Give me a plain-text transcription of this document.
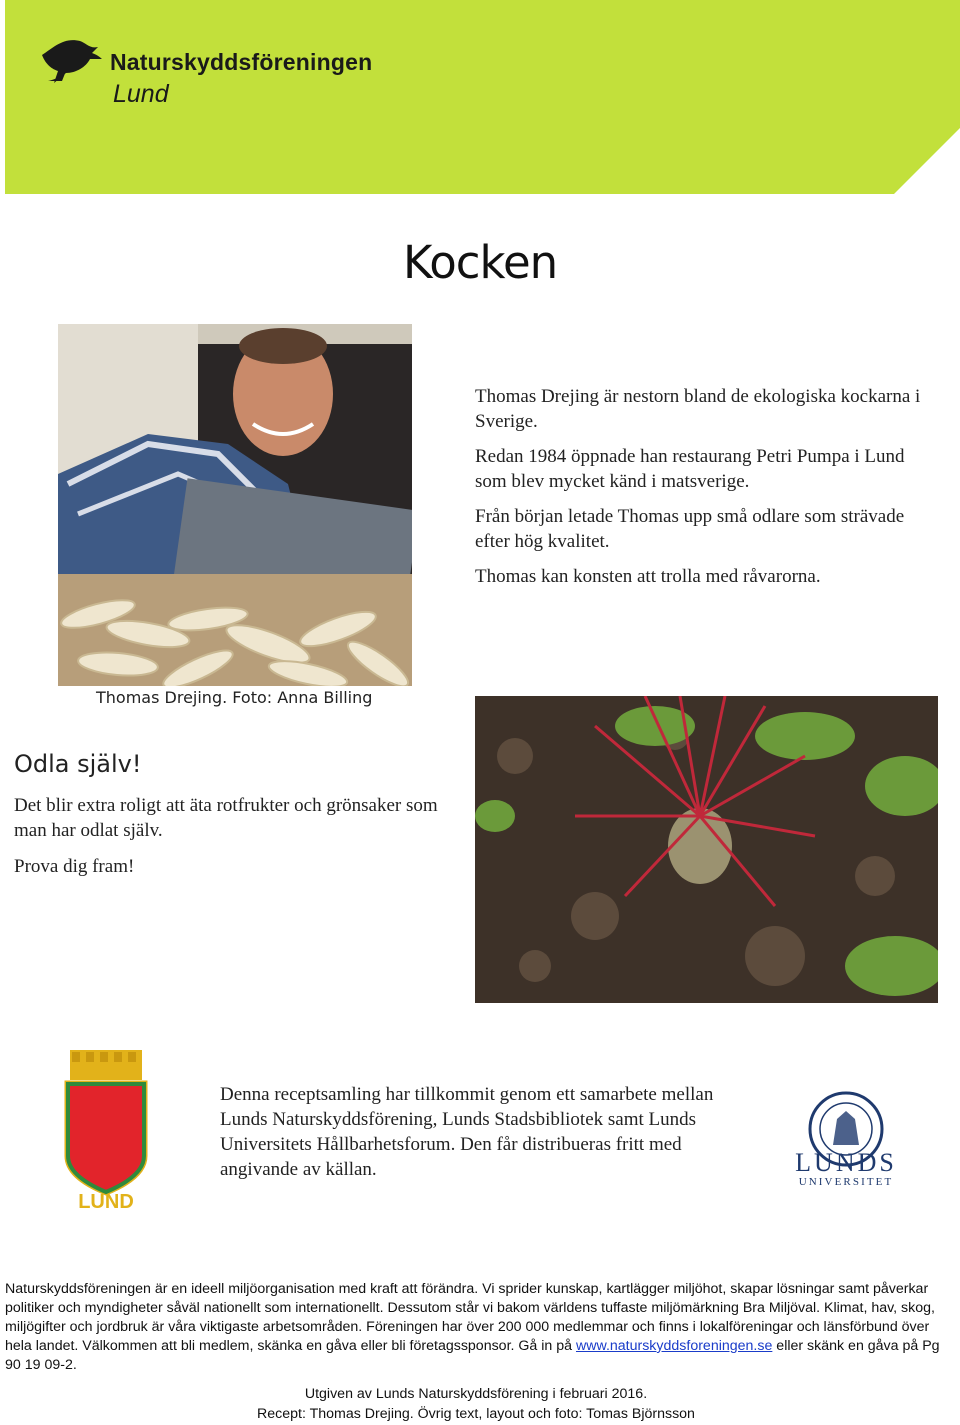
Naturskyddsföreningen
Lund
Kocken

Thomas Drejing är nestorn bland de ekologiska kockarna i Sverige.

Redan 1984 öppnade han restaurang Petri Pumpa i Lund som blev mycket känd i matsverige.

Från början letade Thomas upp små odlare som strävade efter hög kvalitet.

Thomas kan konsten att trolla med råvarorna.

Thomas Drejing. Foto: Anna Billing
Odla själv!

Det blir extra roligt att äta rotfrukter och grönsaker som man har odlat själv.

Prova dig fram!

LUND
Denna receptsamling har tillkommit genom ett samarbete mellan Lunds Naturskyddsförening, Lunds Stadsbibliotek samt Lunds Universitets Hållbarhetsforum. Den får distribueras fritt med angivande av källan.	LUNDS
UNIVERSITET
Naturskyddsföreningen är en ideell miljöorganisation med kraft att förändra. Vi sprider kunskap, kartlägger miljöhot, skapar lösningar samt påverkar politiker och myndigheter såväl nationellt som internationellt. Dessutom står vi bakom världens tuffaste miljömärkning Bra Miljöval. Klimat, hav, skog, miljögifter och jordbruk är våra viktigaste arbetsområden. Föreningen har över 200 000 medlemmar och finns i lokalföreningar och länsförbund över hela landet. Välkommen att bli medlem, skänka en gåva eller bli företagssponsor. Gå in på www.naturskyddsforeningen.se eller skänk en gåva på Pg 90 19 09-2.
Utgiven av Lunds Naturskyddsförening i februari 2016.
Recept: Thomas Drejing. Övrig text, layout och foto: Tomas Björnsson
